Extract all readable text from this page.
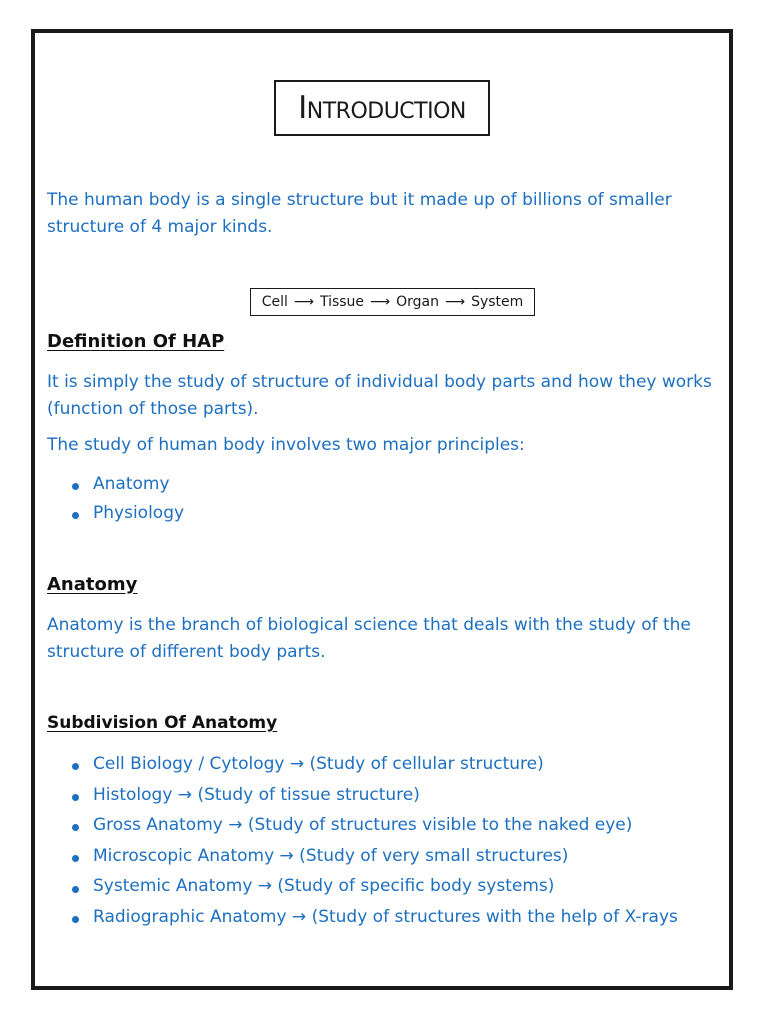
Introduction

The human body is a single structure but it made up of billions of smaller structure of 4 major kinds.

Cell ⟶ Tissue ⟶ Organ ⟶ System
Definition Of HAP

It is simply the study of structure of individual body parts and how they works (function of those parts).

The study of human body involves two major principles:

Anatomy
Physiology
Anatomy

Anatomy is the branch of biological science that deals with the study of the structure of different body parts.

Subdivision Of Anatomy
Cell Biology / Cytology → (Study of cellular structure)
Histology → (Study of tissue structure)
Gross Anatomy → (Study of structures visible to the naked eye)
Microscopic Anatomy → (Study of very small structures)
Systemic Anatomy → (Study of specific body systems)
Radiographic Anatomy → (Study of structures with the help of X-rays
